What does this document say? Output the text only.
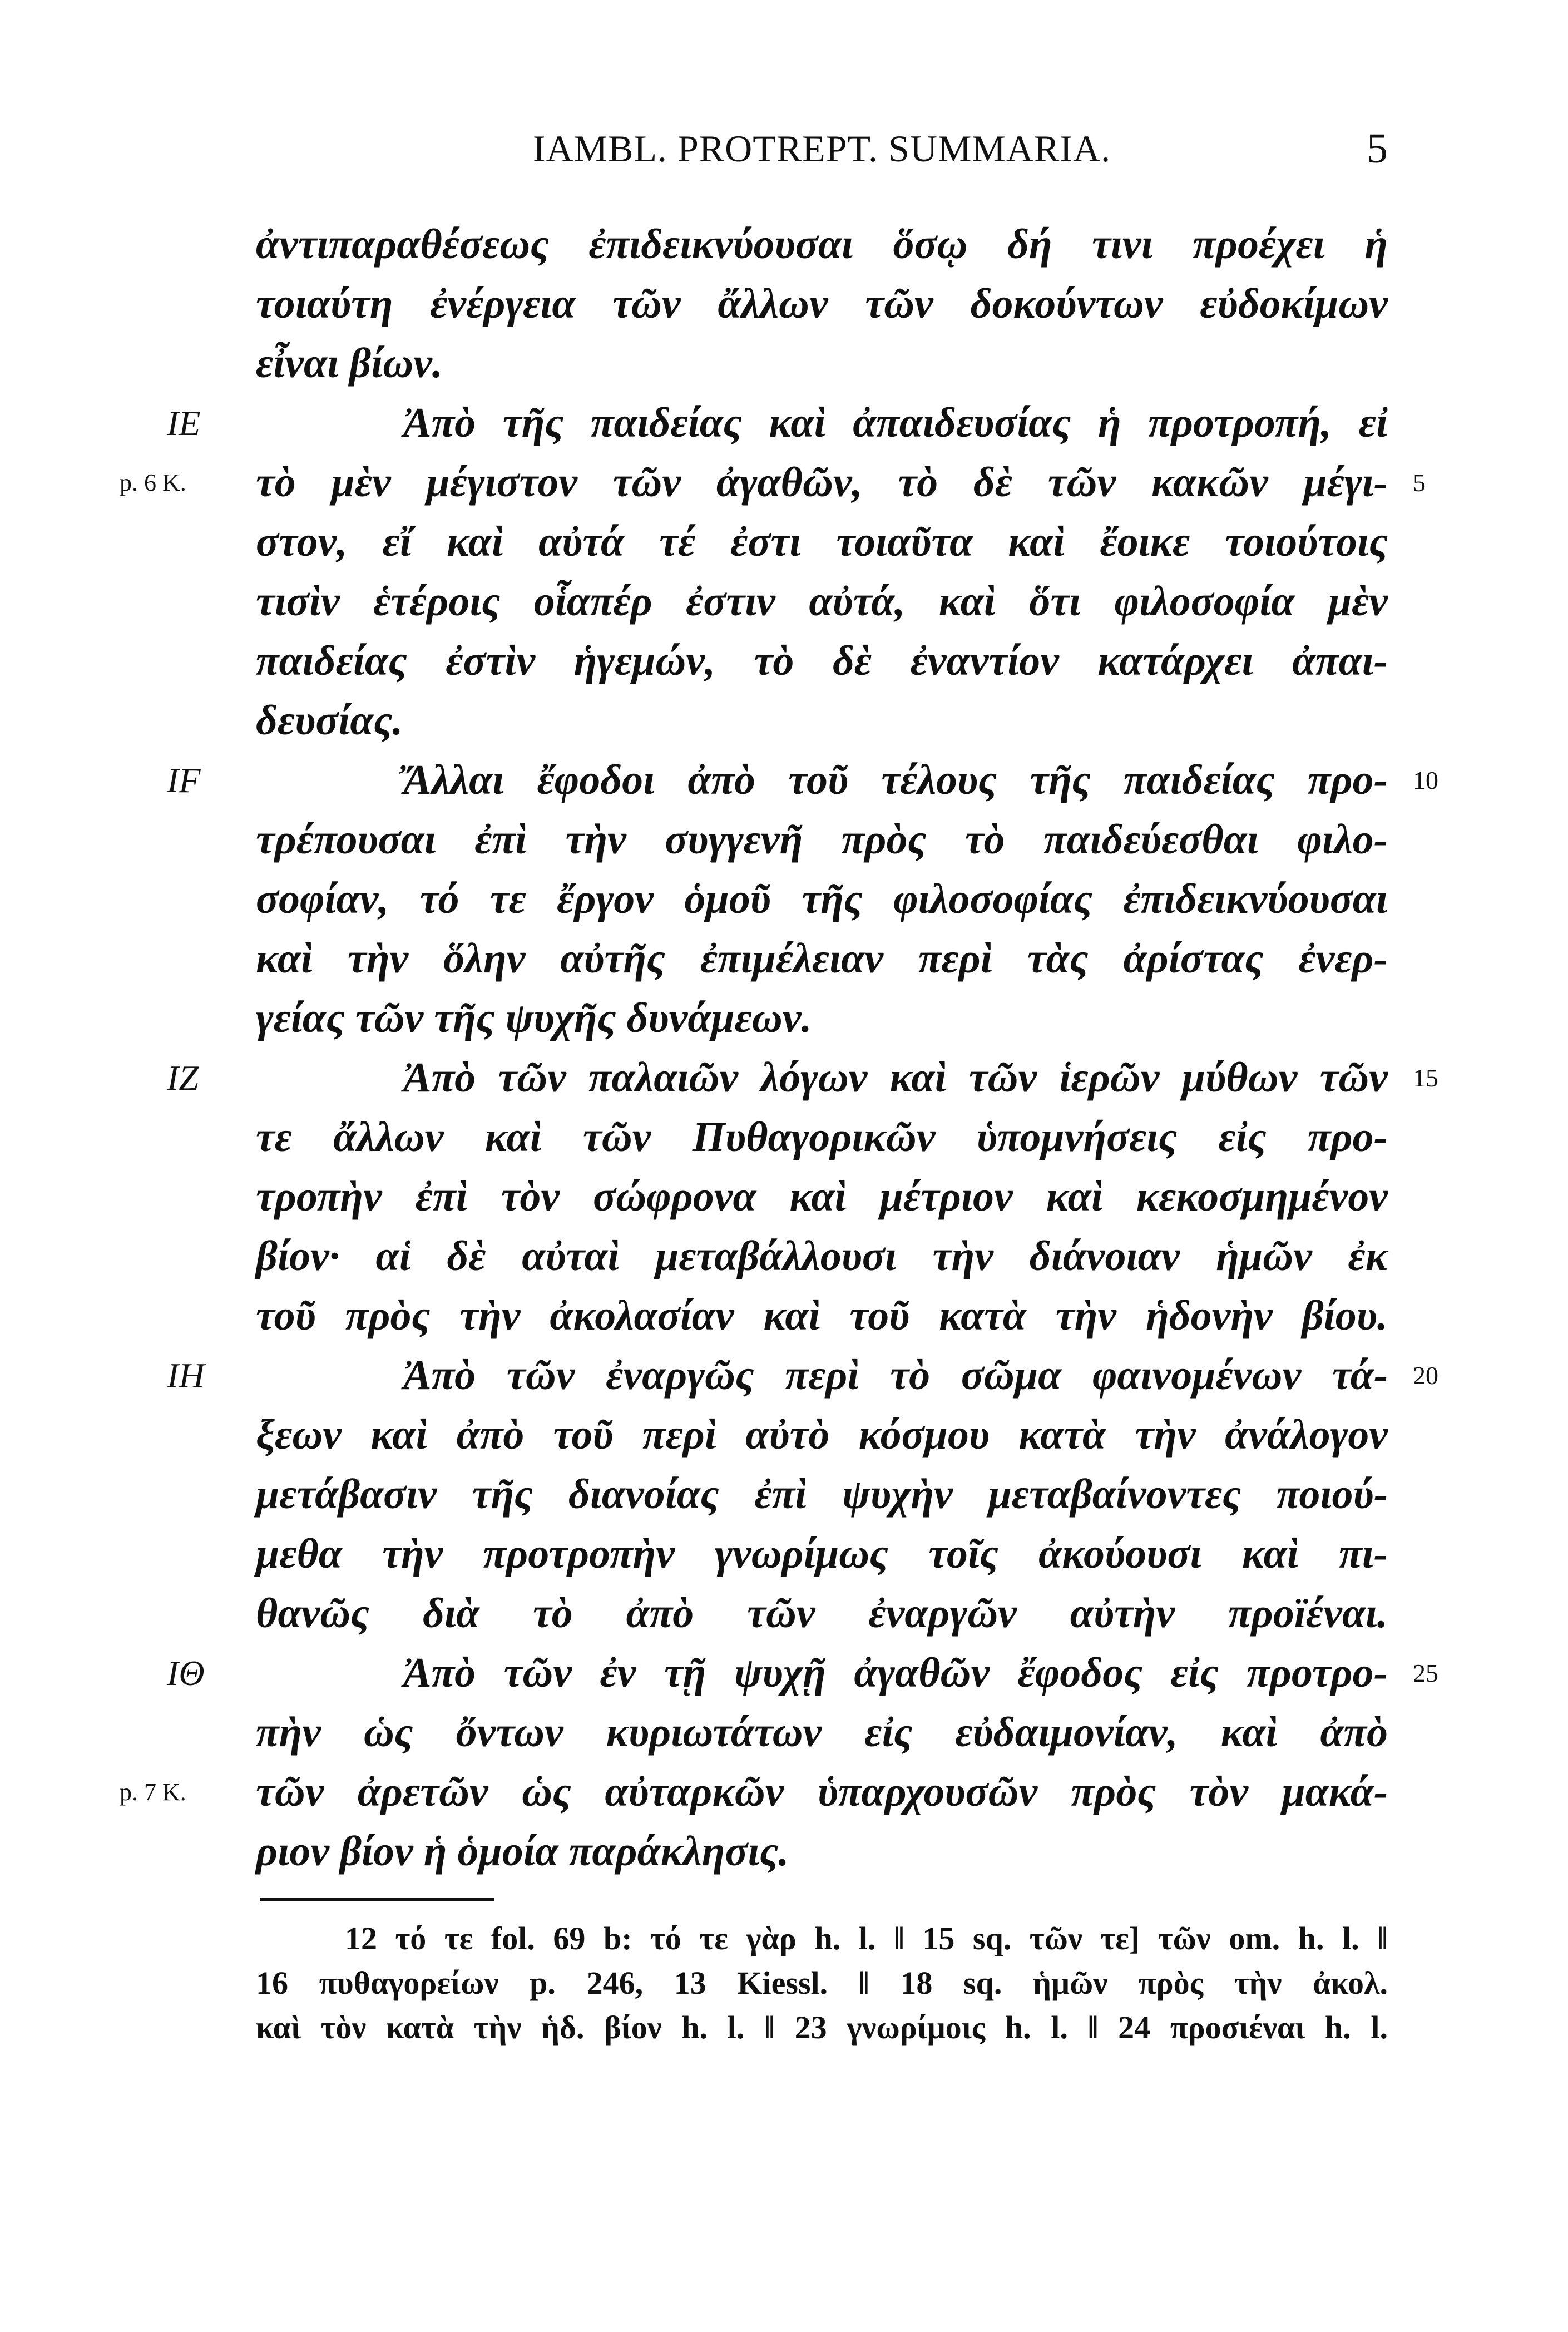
IAMBL. PROTREPT. SUMMARIA.	5
ἀντιπαραθέσεως ἐπιδεικνύουσαι ὅσῳ δή τινι προέχει ἡ
τοιαύτη ἐνέργεια τῶν ἄλλων τῶν δοκούντων εὐδοκίμων
εἶναι βίων.
IE	Ἀπὸ τῆς παιδείας καὶ ἀπαιδευσίας ἡ προτροπή, εἰ
p. 6 K.	τὸ μὲν μέγιστον τῶν ἀγαθῶν, τὸ δὲ τῶν κακῶν μέγι- 5
στον, εἴ καὶ αὐτά τέ ἐστι τοιαῦτα καὶ ἔοικε τοιούτοις
τισὶν ἑτέροις οἷαπέρ ἐστιν αὐτά, καὶ ὅτι φιλοσοφία μὲν
παιδείας ἐστὶν ἡγεμών, τὸ δὲ ἐναντίον κατάρχει ἀπαι-
δευσίας.
IF	Ἄλλαι ἔφοδοι ἀπὸ τοῦ τέλους τῆς παιδείας προ- 10
τρέπουσαι ἐπὶ τὴν συγγενῆ πρὸς τὸ παιδεύεσθαι φιλο-
σοφίαν, τό τε ἔργον ὁμοῦ τῆς φιλοσοφίας ἐπιδεικνύουσαι
καὶ τὴν ὅλην αὐτῆς ἐπιμέλειαν περὶ τὰς ἀρίστας ἐνερ-
γείας τῶν τῆς ψυχῆς δυνάμεων.
IZ	Ἀπὸ τῶν παλαιῶν λόγων καὶ τῶν ἱερῶν μύθων τῶν 15
τε ἄλλων καὶ τῶν Πυθαγορικῶν ὑπομνήσεις εἰς προ-
τροπὴν ἐπὶ τὸν σώφρονα καὶ μέτριον καὶ κεκοσμημένον
βίον· αἱ δὲ αὐταὶ μεταβάλλουσι τὴν διάνοιαν ἡμῶν ἐκ
τοῦ πρὸς τὴν ἀκολασίαν καὶ τοῦ κατὰ τὴν ἡδονὴν βίου.
IH	Ἀπὸ τῶν ἐναργῶς περὶ τὸ σῶμα φαινομένων τά- 20
ξεων καὶ ἀπὸ τοῦ περὶ αὐτὸ κόσμου κατὰ τὴν ἀνάλογον
μετάβασιν τῆς διανοίας ἐπὶ ψυχὴν μεταβαίνοντες ποιού-
μεθα τὴν προτροπὴν γνωρίμως τοῖς ἀκούουσι καὶ πι-
θανῶς διὰ τὸ ἀπὸ τῶν ἐναργῶν αὐτὴν προϊέναι.
IΘ	Ἀπὸ τῶν ἐν τῇ ψυχῇ ἀγαθῶν ἔφοδος εἰς προτρο- 25
πὴν ὡς ὄντων κυριωτάτων εἰς εὐδαιμονίαν, καὶ ἀπὸ
p. 7 K.	τῶν ἀρετῶν ὡς αὐταρκῶν ὑπαρχουσῶν πρὸς τὸν μακά-
ριον βίον ἡ ὁμοία παράκλησις.
12 τό τε fol. 69 b: τό τε γὰρ h. l. ‖ 15 sq. τῶν τε] τῶν om. h. l. ‖
16 πυθαγορείων p. 246, 13 Kiessl. ‖ 18 sq. ἡμῶν πρὸς τὴν ἀκολ.
καὶ τὸν κατὰ τὴν ἡδ. βίον h. l. ‖ 23 γνωρίμοις h. l. ‖ 24 προσιέναι h. l.
